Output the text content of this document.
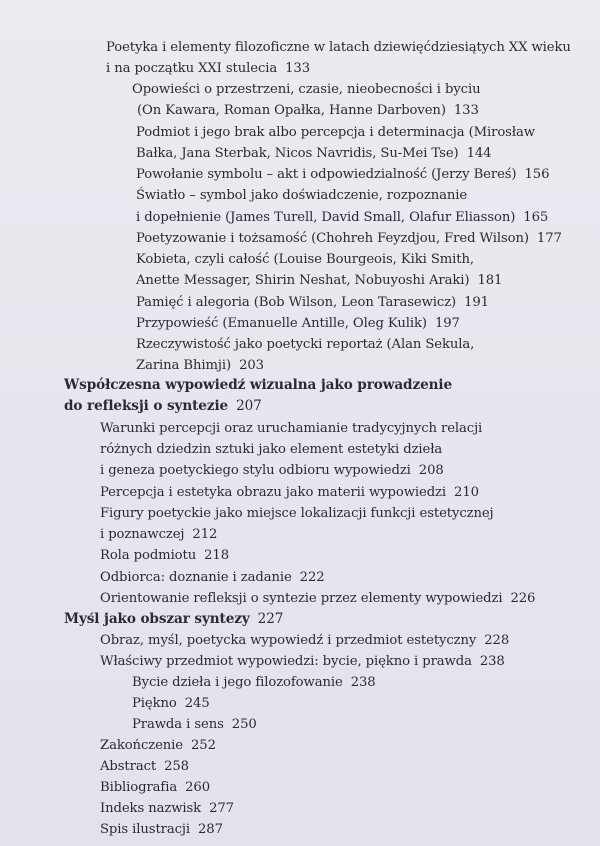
Poetyka i elementy filozoficzne w latach dziewięćdziesiątych XX wieku
i na początku XXI stulecia 133
Opowieści o przestrzeni, czasie, nieobecności i byciu
(On Kawara, Roman Opałka, Hanne Darboven) 133
Podmiot i jego brak albo percepcja i determinacja (Mirosław
Bałka, Jana Sterbak, Nicos Navridis, Su-Mei Tse) 144
Powołanie symbolu – akt i odpowiedzialność (Jerzy Bereś) 156
Światło – symbol jako doświadczenie, rozpoznanie
i dopełnienie (James Turell, David Small, Olafur Eliasson) 165
Poetyzowanie i tożsamość (Chohreh Feyzdjou, Fred Wilson) 177
Kobieta, czyli całość (Louise Bourgeois, Kiki Smith,
Anette Messager, Shirin Neshat, Nobuyoshi Araki) 181
Pamięć i alegoria (Bob Wilson, Leon Tarasewicz) 191
Przypowieść (Emanuelle Antille, Oleg Kulik) 197
Rzeczywistość jako poetycki reportaż (Alan Sekula,
Zarina Bhimji) 203
Współczesna wypowiedź wizualna jako prowadzenie
do refleksji o syntezie 207
Warunki percepcji oraz uruchamianie tradycyjnych relacji
różnych dziedzin sztuki jako element estetyki dzieła
i geneza poetyckiego stylu odbioru wypowiedzi 208
Percepcja i estetyka obrazu jako materii wypowiedzi 210
Figury poetyckie jako miejsce lokalizacji funkcji estetycznej
i poznawczej 212
Rola podmiotu 218
Odbiorca: doznanie i zadanie 222
Orientowanie refleksji o syntezie przez elementy wypowiedzi 226
Myśl jako obszar syntezy 227
Obraz, myśl, poetycka wypowiedź i przedmiot estetyczny 228
Właściwy przedmiot wypowiedzi: bycie, piękno i prawda 238
Bycie dzieła i jego filozofowanie 238
Piękno 245
Prawda i sens 250
Zakończenie 252
Abstract 258
Bibliografia 260
Indeks nazwisk 277
Spis ilustracji 287
